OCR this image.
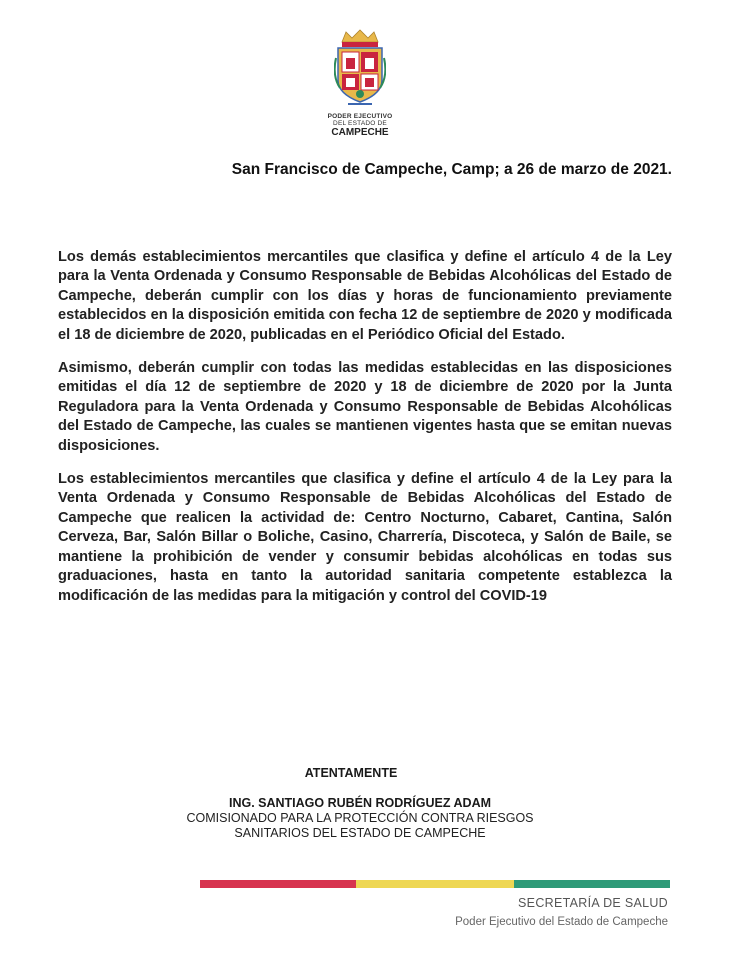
PODER EJECUTIVO
DEL ESTADO DE
CAMPECHE
San Francisco de Campeche, Camp; a 26 de marzo de 2021.

Los demás establecimientos mercantiles que clasifica y define el artículo 4 de la Ley para la Venta Ordenada y Consumo Responsable de Bebidas Alcohólicas del Estado de Campeche, deberán cumplir con los días y horas de funcionamiento previamente establecidos en la disposición emitida con fecha 12 de septiembre de 2020 y modificada el 18 de diciembre de 2020, publicadas en el Periódico Oficial del Estado.

Asimismo, deberán cumplir con todas las medidas establecidas en las disposiciones emitidas el día 12 de septiembre de 2020 y 18 de diciembre de 2020 por la Junta Reguladora para la Venta Ordenada y Consumo Responsable de Bebidas Alcohólicas del Estado de Campeche, las cuales se mantienen vigentes hasta que se emitan nuevas disposiciones.

Los establecimientos mercantiles que clasifica y define el artículo 4 de la Ley para la Venta Ordenada y Consumo Responsable de Bebidas Alcohólicas del Estado de Campeche que realicen la actividad de: Centro Nocturno, Cabaret, Cantina, Salón Cerveza, Bar, Salón Billar o Boliche, Casino, Charrería, Discoteca, y Salón de Baile, se mantiene la prohibición de vender y consumir bebidas alcohólicas en todas sus graduaciones, hasta en tanto la autoridad sanitaria competente establezca la modificación de las medidas para la mitigación y control del COVID-19

ATENTAMENTE
ING. SANTIAGO RUBÉN RODRÍGUEZ ADAM
COMISIONADO PARA LA PROTECCIÓN CONTRA RIESGOS
SANITARIOS DEL ESTADO DE CAMPECHE
SECRETARÍA DE SALUD
Poder Ejecutivo del Estado de Campeche
